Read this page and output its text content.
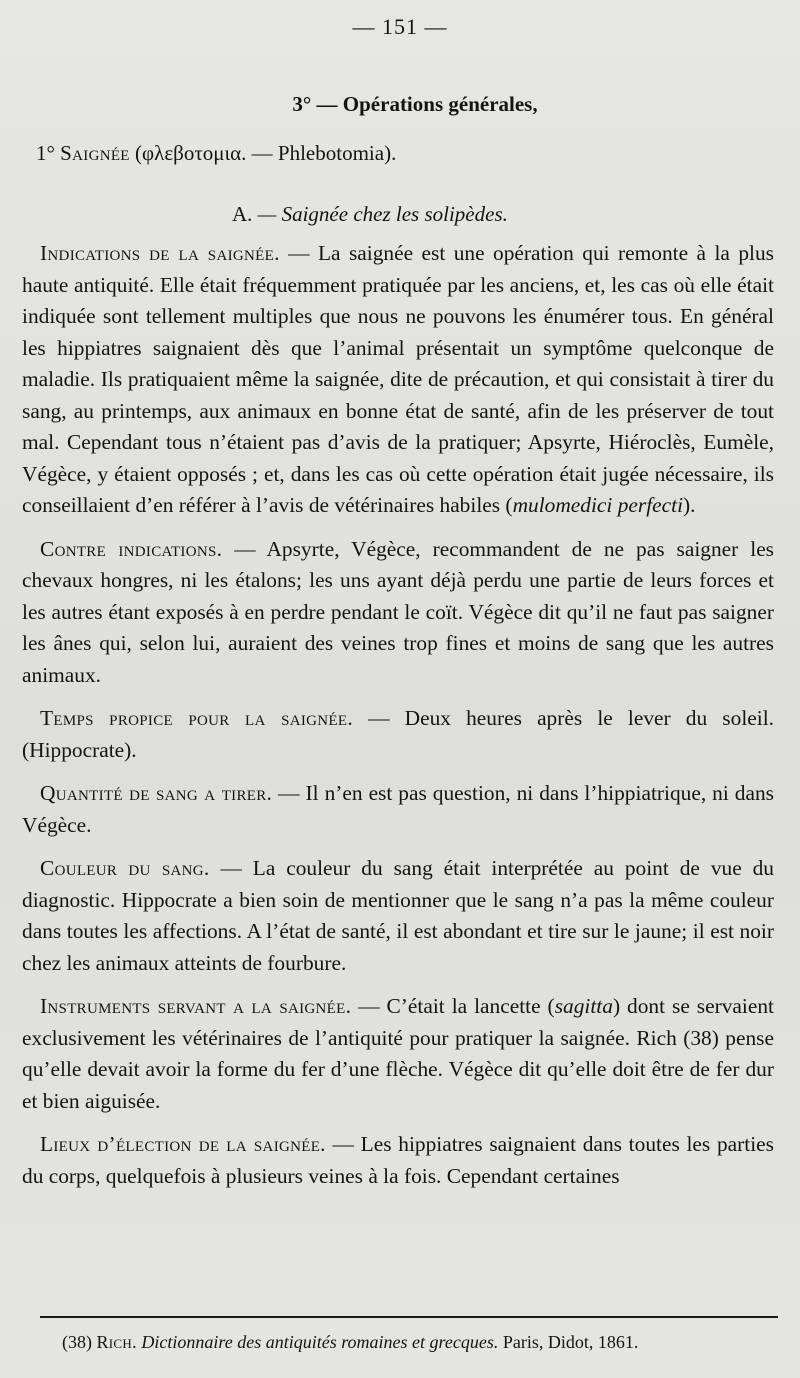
— 151 —
3° — Opérations générales,
1° Saignée (φλεβοτομια. — Phlebotomia).
A. — Saignée chez les solipèdes.

Indications de la saignée. — La saignée est une opération qui remonte à la plus haute antiquité. Elle était fréquemment pratiquée par les anciens, et, les cas où elle était indiquée sont tellement multiples que nous ne pouvons les énumérer tous. En général les hippiatres saignaient dès que l’animal présentait un symptôme quelconque de maladie. Ils pratiquaient même la saignée, dite de précaution, et qui consistait à tirer du sang, au printemps, aux animaux en bonne état de santé, afin de les préserver de tout mal. Cependant tous n’étaient pas d’avis de la pratiquer; Apsyrte, Hiéroclès, Eumèle, Végèce, y étaient opposés ; et, dans les cas où cette opération était jugée nécessaire, ils conseillaient d’en référer à l’avis de vétérinaires habiles (mulomedici perfecti).

Contre indications. — Apsyrte, Végèce, recommandent de ne pas saigner les chevaux hongres, ni les étalons; les uns ayant déjà perdu une partie de leurs forces et les autres étant exposés à en perdre pendant le coït. Végèce dit qu’il ne faut pas saigner les ânes qui, selon lui, auraient des veines trop fines et moins de sang que les autres animaux.

Temps propice pour la saignée. — Deux heures après le lever du soleil. (Hippocrate).

Quantité de sang a tirer. — Il n’en est pas question, ni dans l’hippiatrique, ni dans Végèce.

Couleur du sang. — La couleur du sang était interprétée au point de vue du diagnostic. Hippocrate a bien soin de mentionner que le sang n’a pas la même couleur dans toutes les affections. A l’état de santé, il est abondant et tire sur le jaune; il est noir chez les animaux atteints de fourbure.

Instruments servant a la saignée. — C’était la lancette (sagitta) dont se servaient exclusivement les vétérinaires de l’antiquité pour pratiquer la saignée. Rich (38) pense qu’elle devait avoir la forme du fer d’une flèche. Végèce dit qu’elle doit être de fer dur et bien aiguisée.

Lieux d’élection de la saignée. — Les hippiatres saignaient dans toutes les parties du corps, quelquefois à plusieurs veines à la fois. Cependant certaines

(38) Rich. Dictionnaire des antiquités romaines et grecques. Paris, Didot, 1861.
